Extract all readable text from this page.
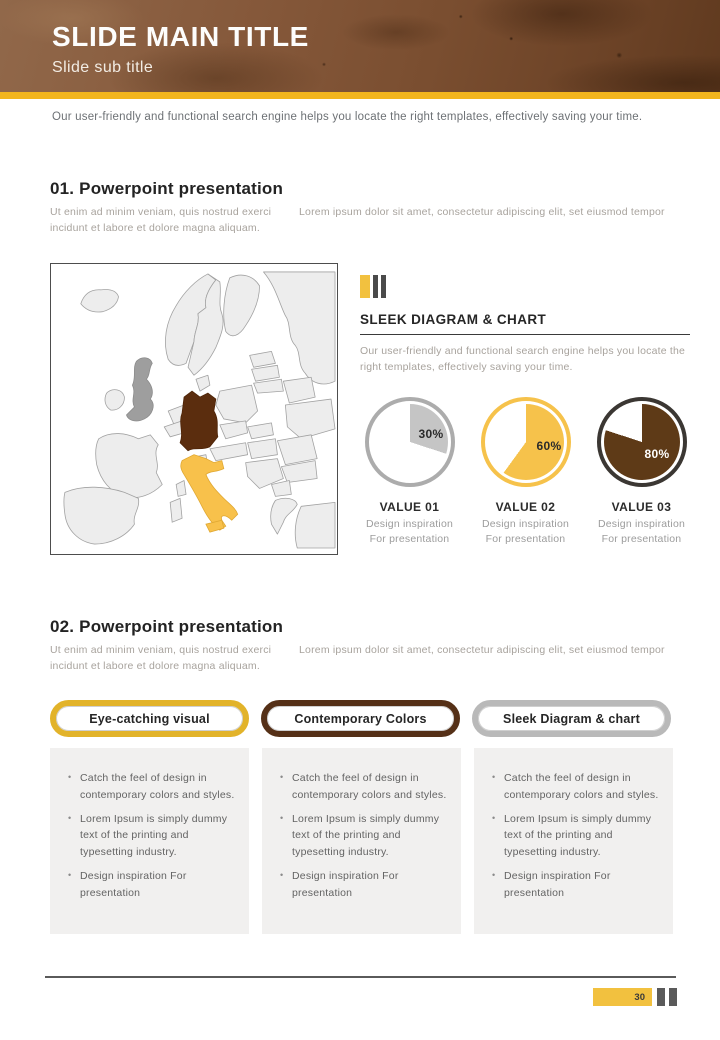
SLIDE MAIN TITLE
Slide sub title
Our user-friendly and functional search engine helps you locate the right templates, effectively saving your time.
01. Powerpoint presentation
Ut enim ad minim veniam, quis nostrud exerci incidunt et labore et dolore magna aliquam.
Lorem ipsum dolor sit amet, consectetur adipiscing elit, set eiusmod tempor
SLEEK DIAGRAM & CHART
Our user-friendly and functional search engine helps you locate the right templates, effectively saving your time.
30%
VALUE 01
Design inspiration
For presentation
60%
VALUE 02
Design inspiration
For presentation
80%
VALUE 03
Design inspiration
For presentation
02. Powerpoint presentation
Ut enim ad minim veniam, quis nostrud exerci incidunt et labore et dolore magna aliquam.
Lorem ipsum dolor sit amet, consectetur adipiscing elit, set eiusmod tempor
Eye-catching visual	Contemporary Colors	Sleek Diagram & chart
• Catch the feel of design in contemporary colors and styles.
• Lorem Ipsum is simply dummy text of the printing and typesetting industry.
• Design inspiration For presentation
• Catch the feel of design in contemporary colors and styles.
• Lorem Ipsum is simply dummy text of the printing and typesetting industry.
• Design inspiration For presentation
• Catch the feel of design in contemporary colors and styles.
• Lorem Ipsum is simply dummy text of the printing and typesetting industry.
• Design inspiration For presentation
30
